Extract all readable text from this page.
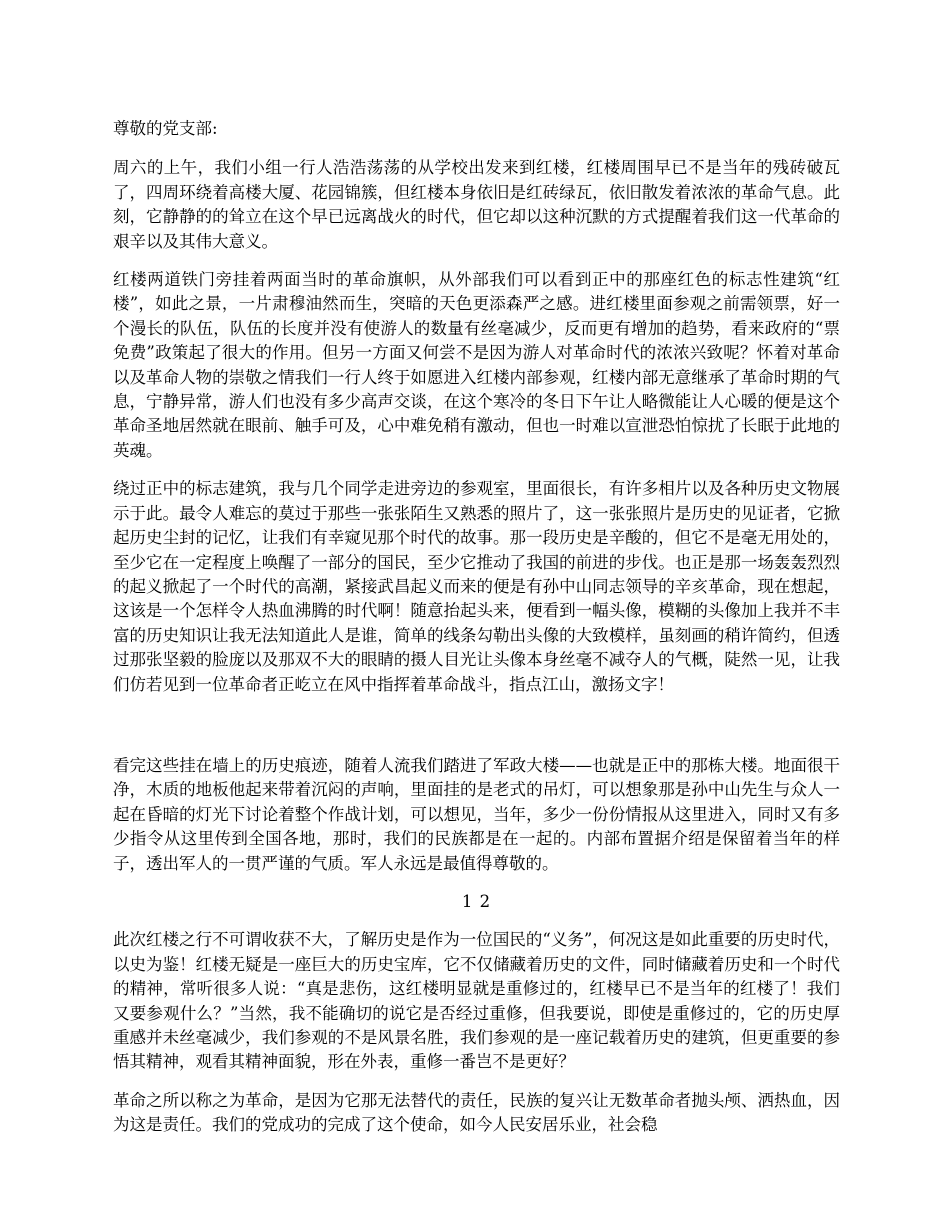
尊敬的党支部:

周六的上午，我们小组一行人浩浩荡荡的从学校出发来到红楼，红楼周围早已不是当年的残砖破瓦了，四周环绕着高楼大厦、花园锦簇，但红楼本身依旧是红砖绿瓦，依旧散发着浓浓的革命气息。此刻，它静静的的耸立在这个早已远离战火的时代，但它却以这种沉默的方式提醒着我们这一代革命的艰辛以及其伟大意义。

红楼两道铁门旁挂着两面当时的革命旗帜，从外部我们可以看到正中的那座红色的标志性建筑“红楼”，如此之景，一片肃穆油然而生，突暗的天色更添森严之感。进红楼里面参观之前需领票，好一个漫长的队伍，队伍的长度并没有使游人的数量有丝毫减少，反而更有增加的趋势，看来政府的“票免费”政策起了很大的作用。但另一方面又何尝不是因为游人对革命时代的浓浓兴致呢？怀着对革命以及革命人物的崇敬之情我们一行人终于如愿进入红楼内部参观，红楼内部无意继承了革命时期的气息，宁静异常，游人们也没有多少高声交谈，在这个寒冷的冬日下午让人略微能让人心暖的便是这个革命圣地居然就在眼前、触手可及，心中难免稍有激动，但也一时难以宣泄恐怕惊扰了长眠于此地的英魂。

绕过正中的标志建筑，我与几个同学走进旁边的参观室，里面很长，有许多相片以及各种历史文物展示于此。最令人难忘的莫过于那些一张张陌生又熟悉的照片了，这一张张照片是历史的见证者，它掀起历史尘封的记忆，让我们有幸窥见那个时代的故事。那一段历史是辛酸的，但它不是毫无用处的，至少它在一定程度上唤醒了一部分的国民，至少它推动了我国的前进的步伐。也正是那一场轰轰烈烈的起义掀起了一个时代的高潮，紧接武昌起义而来的便是有孙中山同志领导的辛亥革命，现在想起，这该是一个怎样令人热血沸腾的时代啊！随意抬起头来，便看到一幅头像，模糊的头像加上我并不丰富的历史知识让我无法知道此人是谁，简单的线条勾勒出头像的大致模样，虽刻画的稍许简约，但透过那张坚毅的脸庞以及那双不大的眼睛的摄人目光让头像本身丝毫不减夺人的气概，陡然一见，让我们仿若见到一位革命者正屹立在风中指挥着革命战斗，指点江山，激扬文字！

看完这些挂在墙上的历史痕迹，随着人流我们踏进了军政大楼——也就是正中的那栋大楼。地面很干净，木质的地板他起来带着沉闷的声响，里面挂的是老式的吊灯，可以想象那是孙中山先生与众人一起在昏暗的灯光下讨论着整个作战计划，可以想见，当年，多少一份份情报从这里进入，同时又有多少指令从这里传到全国各地，那时，我们的民族都是在一起的。内部布置据介绍是保留着当年的样子，透出军人的一贯严谨的气质。军人永远是最值得尊敬的。

1 2

此次红楼之行不可谓收获不大，了解历史是作为一位国民的“义务”，何况这是如此重要的历史时代，以史为鉴！红楼无疑是一座巨大的历史宝库，它不仅储藏着历史的文件，同时储藏着历史和一个时代的精神，常听很多人说：“真是悲伤，这红楼明显就是重修过的，红楼早已不是当年的红楼了！我们又要参观什么？”当然，我不能确切的说它是否经过重修，但我要说，即使是重修过的，它的历史厚重感并未丝毫减少，我们参观的不是风景名胜，我们参观的是一座记载着历史的建筑，但更重要的参悟其精神，观看其精神面貌，形在外表，重修一番岂不是更好？

革命之所以称之为革命，是因为它那无法替代的责任，民族的复兴让无数革命者抛头颅、洒热血，因为这是责任。我们的党成功的完成了这个使命，如今人民安居乐业，社会稳
